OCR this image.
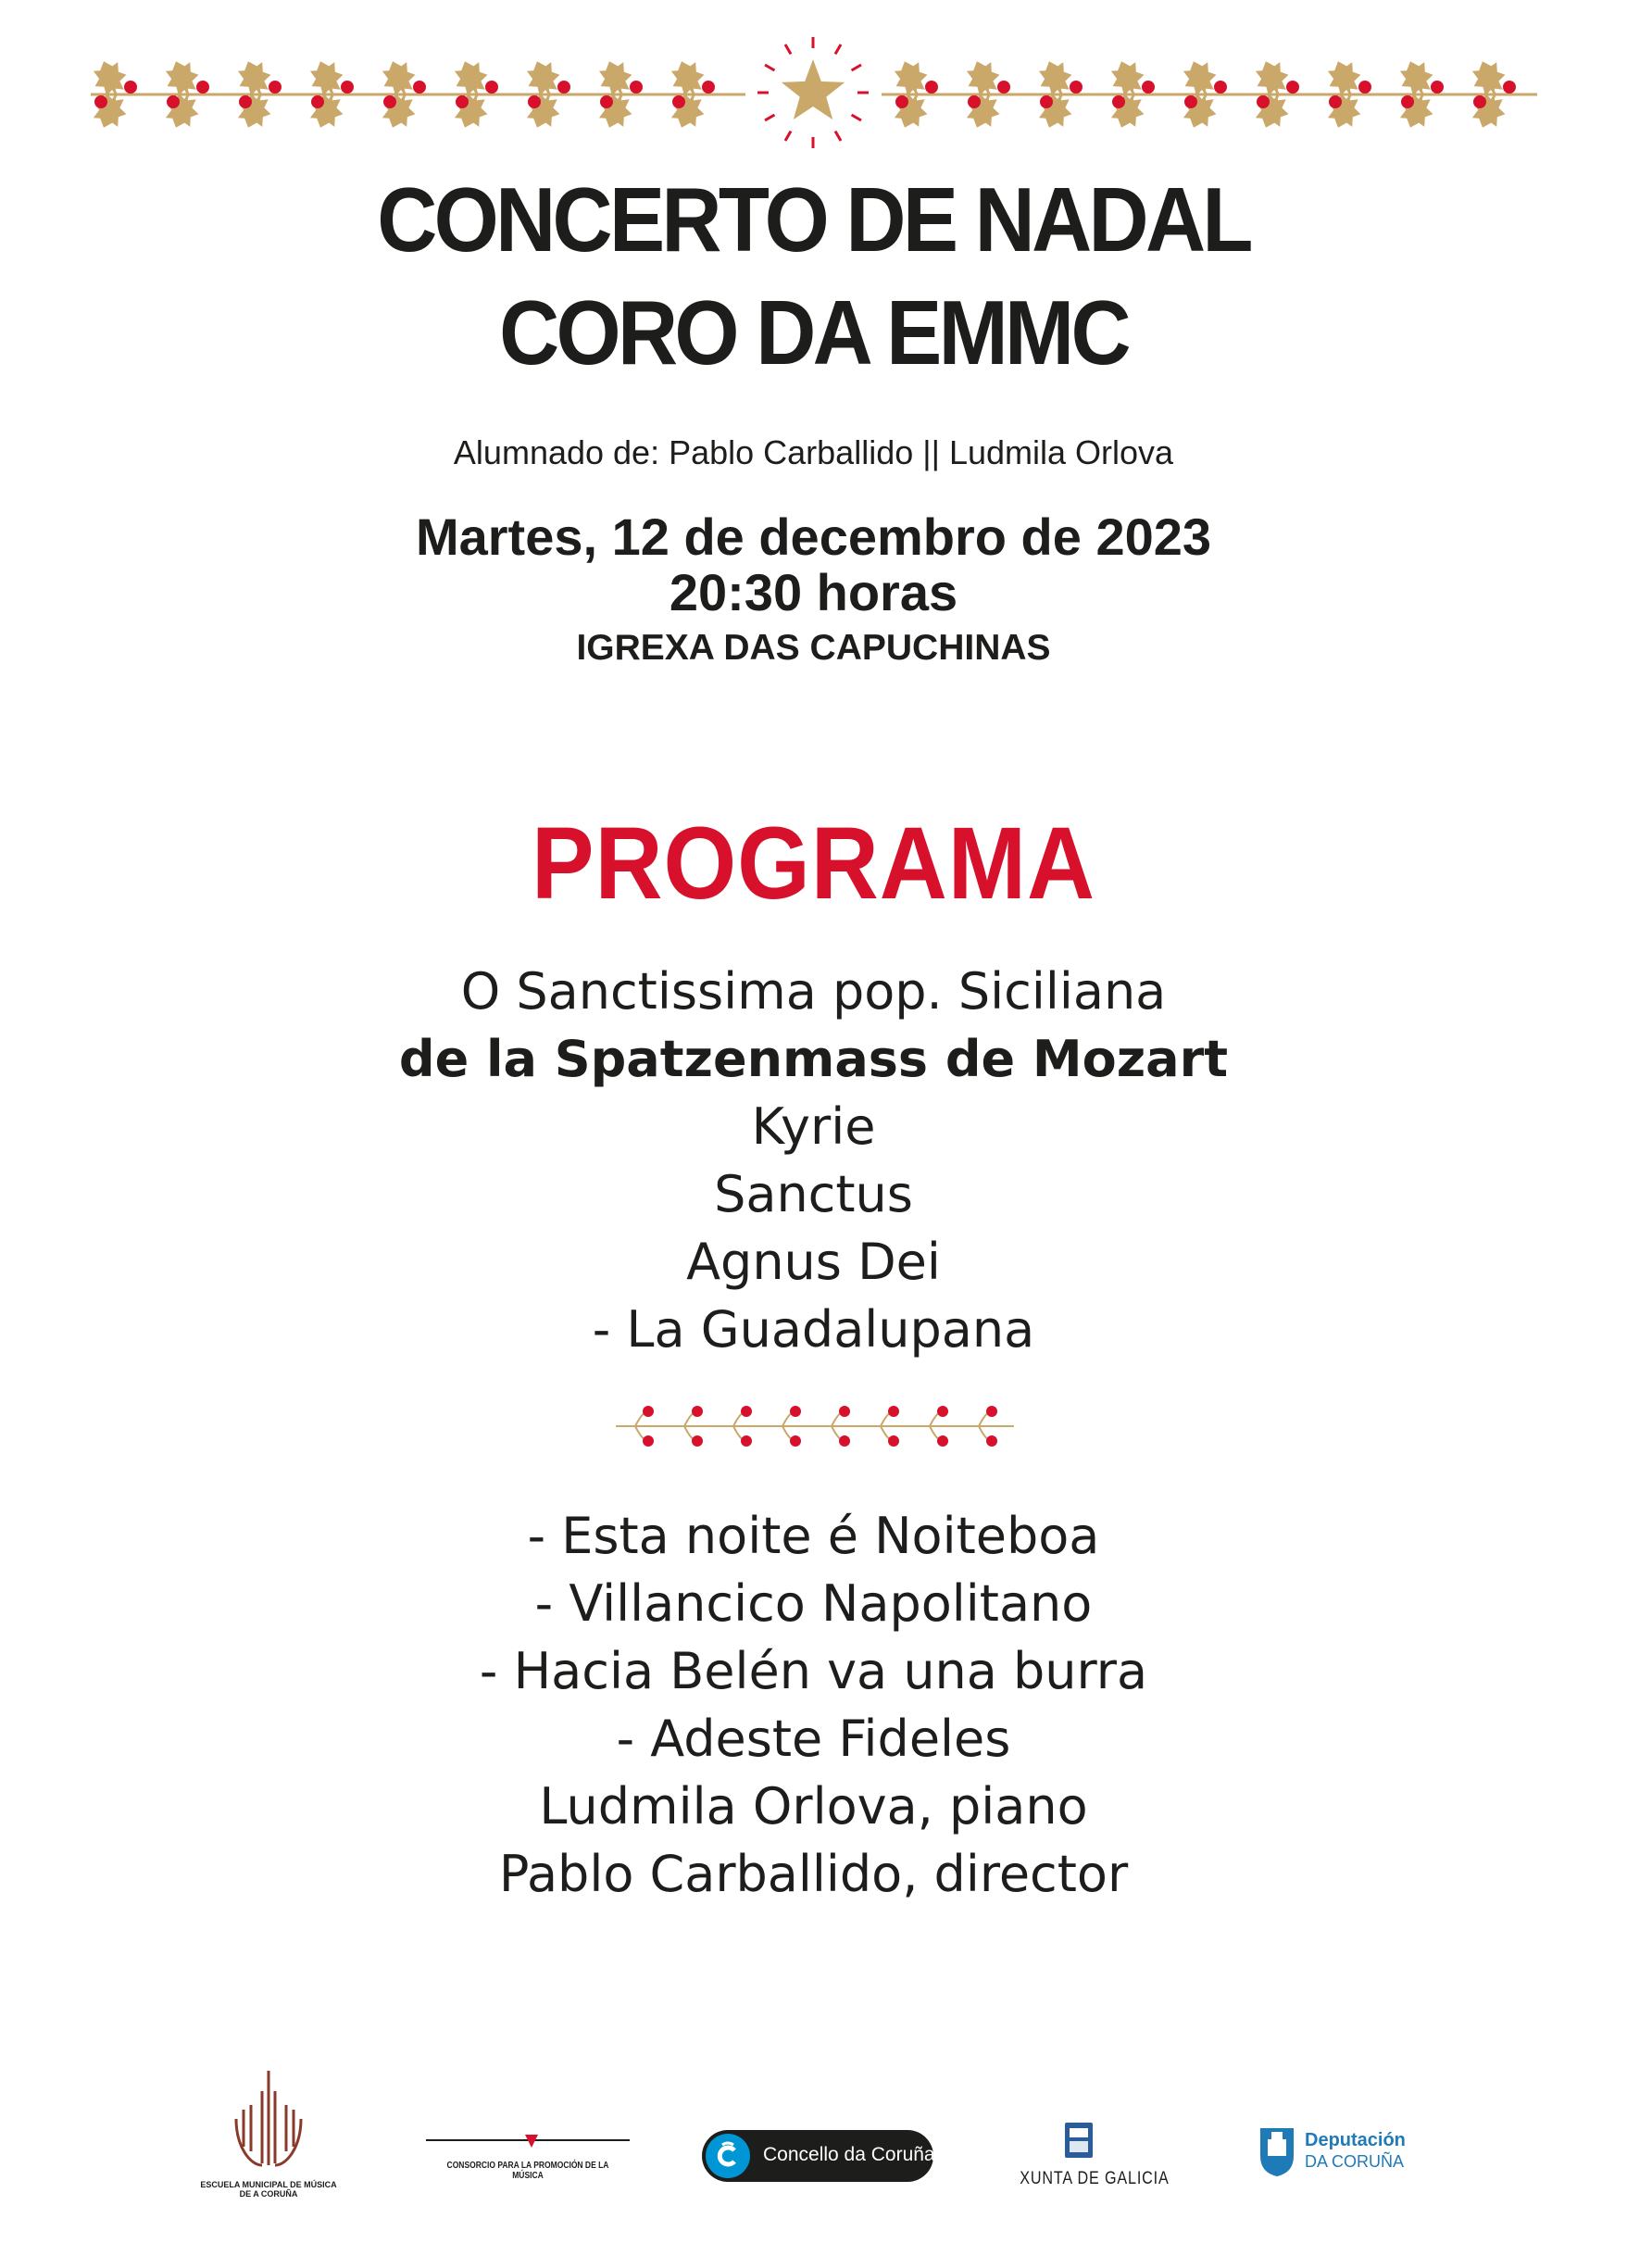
CONCERTO DE NADAL
CORO DA EMMC
Alumnado de: Pablo Carballido || Ludmila Orlova
Martes, 12 de decembro de 2023
20:30 horas
IGREXA DAS CAPUCHINAS
PROGRAMA
O Sanctissima pop. Siciliana
de la Spatzenmass de Mozart
Kyrie
Sanctus
Agnus Dei
- La Guadalupana
- Esta noite é Noiteboa
- Villancico Napolitano
- Hacia Belén va una burra
- Adeste Fideles
Ludmila Orlova, piano
Pablo Carballido, director
ESCUELA MUNICIPAL DE MÚSICA
DE A CORUÑA
CONSORCIO PARA LA PROMOCIÓN DE LA MÚSICA
Concello da Coruña
XUNTA DE GALICIA
Deputación
DA CORUÑA
